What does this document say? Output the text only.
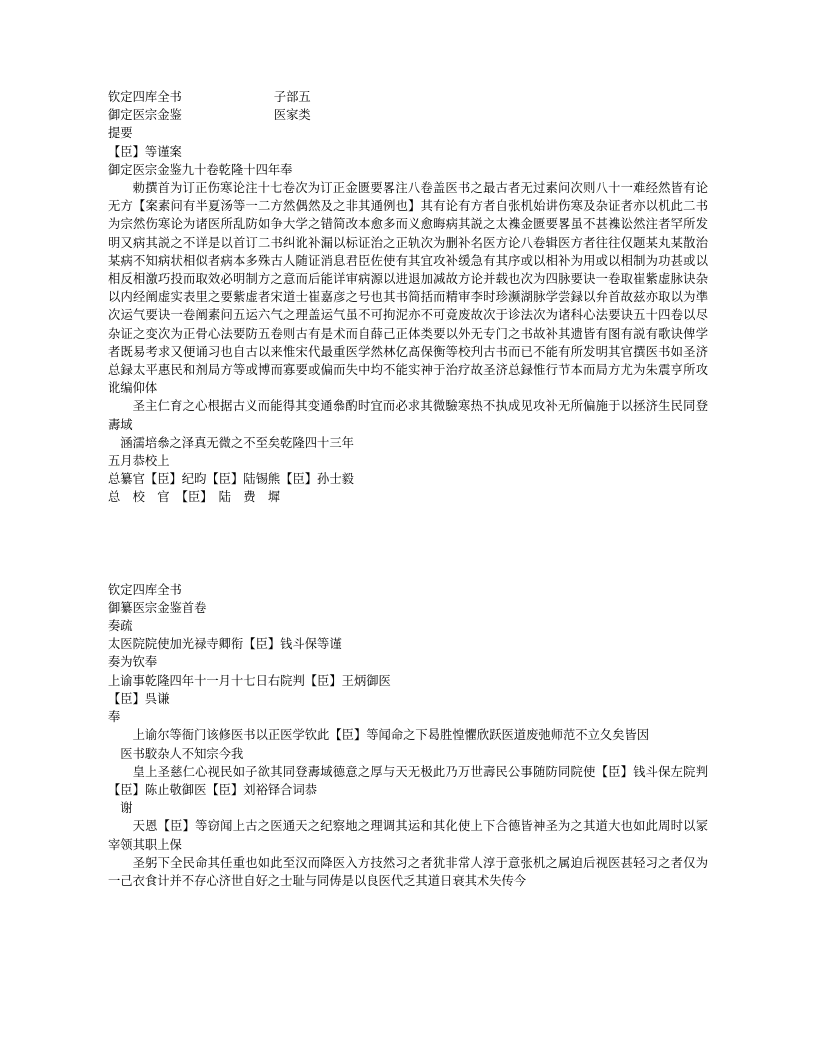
钦定四库全书	子部五
御定医宗金鉴	医家类
提要
【臣】等谨案
御定医宗金鉴九十卷乾隆十四年奉
勅撰首为订正伤寒论注十七卷次为订正金匮要畧注八卷盖医书之最古者无过素问次则八十一难经然皆有论无方【案素问有半夏汤等一二方然偶然及之非其通例也】其有论有方者自张机始讲伤寒及杂证者亦以机此二书为宗然伤寒论为诸医所乱防如争大学之错简改本愈多而义愈晦病其説之太襍金匮要畧虽不甚襍讼然注者罕所发明又病其説之不详是以首订二书纠讹补漏以标证治之正轨次为删补名医方论八卷辑医方者往往仅题某丸某散治某病不知病状相似者病本多殊古人随证消息君臣佐使有其宜攻补缓急有其序或以相补为用或以相制为功甚或以相反相激巧投而取效必明制方之意而后能详审病源以进退加减故方论并载也次为四脉要诀一卷取崔紫虚脉诀杂以内经阐虚实表里之要紫虚者宋道士崔嘉彦之号也其书简括而精审李时珍濒湖脉学尝録以弁首故兹亦取以为凖次运气要诀一卷阐素问五运六气之理盖运气虽不可拘泥亦不可竟废故次于诊法次为诸科心法要诀五十四卷以尽杂证之变次为正骨心法要防五卷则古有是术而自薛己正体类要以外无专门之书故补其遗皆有图有説有歌诀俾学者既易考求又便诵习也自古以来惟宋代最重医学然林亿髙保衡等校刋古书而已不能有所发明其官撰医书如圣济总録太平惠民和剂局方等或博而寡要或偏而失中均不能实神于治疗故圣济总録惟行节本而局方尤为朱震亨所攻讹编仰体
圣主仁育之心根据古义而能得其变通叅酌时宜而必求其微驗寒热不执成见攻补无所偏施于以拯济生民同登夀域
涵濡培叅之泽真无微之不至矣乾隆四十三年
五月恭校上
总纂官【臣】纪昀【臣】陆锡熊【臣】孙士毅
总　校　官　【臣】　陆　费　墀
钦定四库全书
御纂医宗金鉴首卷
奏疏
太医院院使加光禄寺卿衔【臣】钱斗保等谨
奏为钦奉
上谕事乾隆四年十一月十七日右院判【臣】王炳御医
【臣】呉谦
奉
上谕尔等衙门该修医书以正医学钦此【臣】等闻命之下曷胜惶懼欣跃医道废弛师范不立夂矣皆因
医书駮杂人不知宗今我
皇上圣慈仁心视民如子欲其同登夀域德意之厚与天无极此乃万世壽民公事随防同院使【臣】钱斗保左院判【臣】陈止敬御医【臣】刘裕铎合词恭
谢
天恩【臣】等窃闻上古之医通天之纪察地之理调其运和其化使上下合德皆神圣为之其道大也如此周时以冡宰领其职上保
圣躬下全民命其任重也如此至汉而降医入方技然习之者犹非常人淳于意张机之属迫后视医甚轻习之者仅为一己衣食计并不存心济世自好之士耻与同俦是以良医代乏其道日衰其术失传今
